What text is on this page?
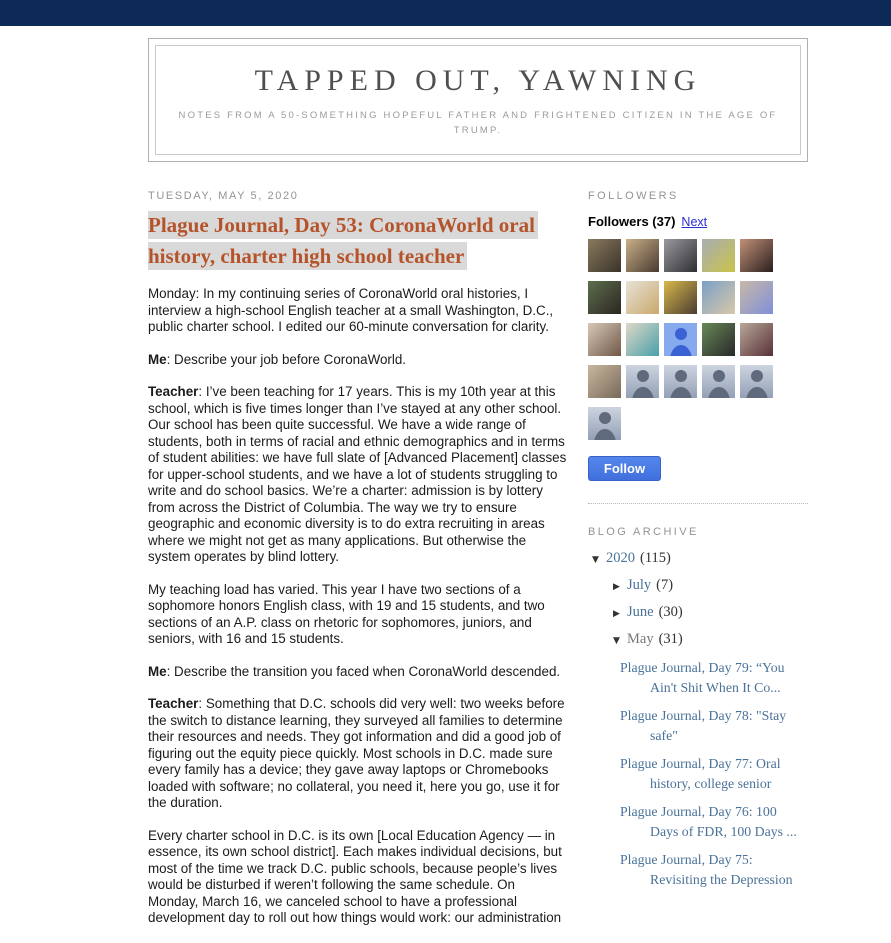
TAPPED OUT, YAWNING
NOTES FROM A 50-SOMETHING HOPEFUL FATHER AND FRIGHTENED CITIZEN IN THE AGE OF TRUMP.
TUESDAY, MAY 5, 2020
Plague Journal, Day 53: CoronaWorld oral history, charter high school teacher

Monday: In my continuing series of CoronaWorld oral histories, I interview a high-school English teacher at a small Washington, D.C., public charter school. I edited our 60-minute conversation for clarity.

Me: Describe your job before CoronaWorld.

Teacher: I’ve been teaching for 17 years. This is my 10th year at this school, which is five times longer than I’ve stayed at any other school. Our school has been quite successful. We have a wide range of students, both in terms of racial and ethnic demographics and in terms of student abilities: we have full slate of [Advanced Placement] classes for upper-school students, and we have a lot of students struggling to write and do school basics. We’re a charter: admission is by lottery from across the District of Columbia. The way we try to ensure geographic and economic diversity is to do extra recruiting in areas where we might not get as many applications. But otherwise the system operates by blind lottery.

My teaching load has varied. This year I have two sections of a sophomore honors English class, with 19 and 15 students, and two sections of an A.P. class on rhetoric for sophomores, juniors, and seniors, with 16 and 15 students.

Me: Describe the transition you faced when CoronaWorld descended.

Teacher: Something that D.C. schools did very well: two weeks before the switch to distance learning, they surveyed all families to determine their resources and needs. They got information and did a good job of figuring out the equity piece quickly. Most schools in D.C. made sure every family has a device; they gave away laptops or Chromebooks loaded with software; no collateral, you need it, here you go, use it for the duration.

Every charter school in D.C. is its own [Local Education Agency — in essence, its own school district]. Each makes individual decisions, but most of the time we track D.C. public schools, because people’s lives would be disturbed if weren’t following the same schedule. On Monday, March 16, we canceled school to have a professional development day to roll out how things would work: our administration

FOLLOWERS
Followers (37) Next
Follow
BLOG ARCHIVE
▼ 2020 (115)
▶ July (7)
▶ June (30)
▼ May (31)
Plague Journal, Day 79: “You Ain't Shit When It Co...
Plague Journal, Day 78: "Stay safe"
Plague Journal, Day 77: Oral history, college senior
Plague Journal, Day 76: 100 Days of FDR, 100 Days ...
Plague Journal, Day 75: Revisiting the Depression
